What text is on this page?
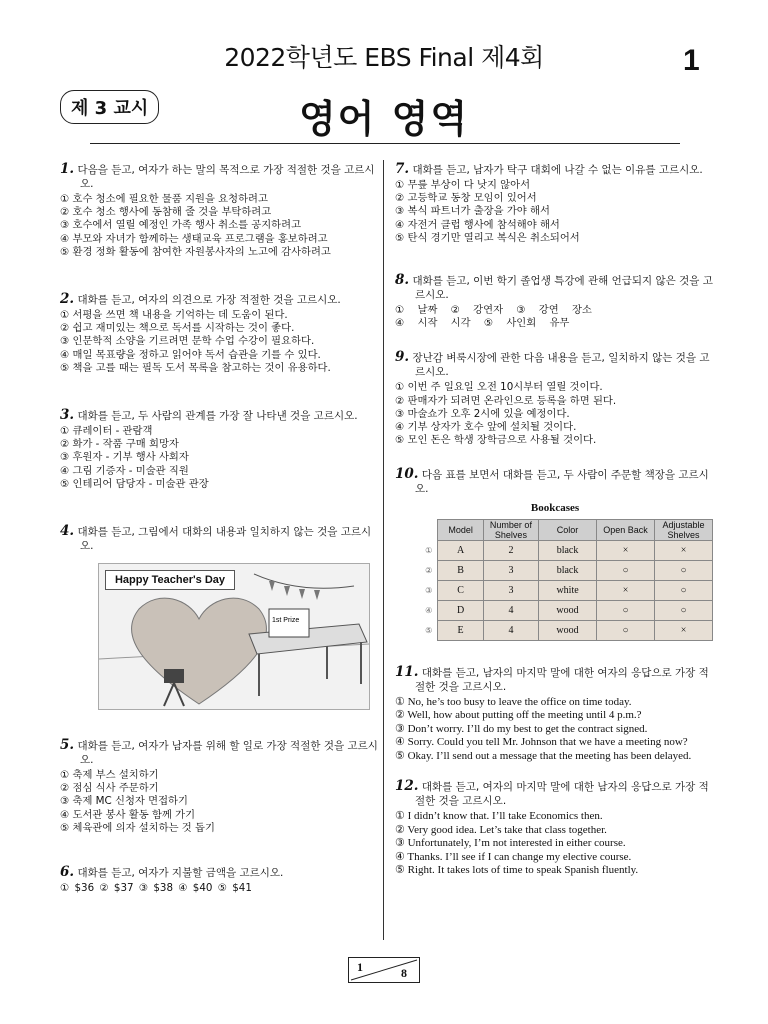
2022학년도 EBS Final 제4회	1
제 3 교시	영어 영역
1. 다음을 듣고, 여자가 하는 말의 목적으로 가장 적절한 것을 고르시오.
① 호수 청소에 필요한 물품 지원을 요청하려고
② 호수 청소 행사에 동참해 줄 것을 부탁하려고
③ 호수에서 열릴 예정인 가족 행사 취소를 공지하려고
④ 부모와 자녀가 함께하는 생태교육 프로그램을 홍보하려고
⑤ 환경 정화 활동에 참여한 자원봉사자의 노고에 감사하려고
2. 대화를 듣고, 여자의 의견으로 가장 적절한 것을 고르시오.
① 서평을 쓰면 책 내용을 기억하는 데 도움이 된다.
② 쉽고 재미있는 책으로 독서를 시작하는 것이 좋다.
③ 인문학적 소양을 기르려면 문학 수업 수강이 필요하다.
④ 매일 목표량을 정하고 읽어야 독서 습관을 기를 수 있다.
⑤ 책을 고를 때는 필독 도서 목록을 참고하는 것이 유용하다.
3. 대화를 듣고, 두 사람의 관계를 가장 잘 나타낸 것을 고르시오.
① 큐레이터 - 관람객
② 화가 - 작품 구매 희망자
③ 후원자 - 기부 행사 사회자
④ 그림 기증자 - 미술관 직원
⑤ 인테리어 담당자 - 미술관 관장
4. 대화를 듣고, 그림에서 대화의 내용과 일치하지 않는 것을 고르시오.
Happy Teacher's Day
1st Prize
5. 대화를 듣고, 여자가 남자를 위해 할 일로 가장 적절한 것을 고르시오.
① 축제 부스 설치하기
② 점심 식사 주문하기
③ 축제 MC 신청자 면접하기
④ 도서관 봉사 활동 함께 가기
⑤ 체육관에 의자 설치하는 것 돕기
6. 대화를 듣고, 여자가 지불할 금액을 고르시오.
① $36 ② $37 ③ $38 ④ $40 ⑤ $41
7. 대화를 듣고, 남자가 탁구 대회에 나갈 수 없는 이유를 고르시오.
① 무릎 부상이 다 낫지 않아서
② 고등학교 동창 모임이 있어서
③ 복식 파트너가 출장을 가야 해서
④ 자전거 클럽 행사에 참석해야 해서
⑤ 탄식 경기만 열리고 복식은 취소되어서
8. 대화를 듣고, 이번 학기 졸업생 특강에 관해 언급되지 않은 것을 고르시오.
① 날짜 ② 강연자 ③ 강연 장소
④ 시작 시각 ⑤ 사인회 유무
9. 장난감 벼룩시장에 관한 다음 내용을 듣고, 일치하지 않는 것을 고르시오.
① 이번 주 일요일 오전 10시부터 열릴 것이다.
② 판매자가 되려면 온라인으로 등록을 하면 된다.
③ 마술쇼가 오후 2시에 있을 예정이다.
④ 기부 상자가 호수 앞에 설치될 것이다.
⑤ 모인 돈은 학생 장학금으로 사용될 것이다.
10. 다음 표를 보면서 대화를 듣고, 두 사람이 주문할 책장을 고르시오.
Bookcases
	Model	Number of Shelves	Color	Open Back	Adjustable Shelves
①	A	2	black	×	×
②	B	3	black	○	○
③	C	3	white	×	○
④	D	4	wood	○	○
⑤	E	4	wood	○	×
11. 대화를 듣고, 남자의 마지막 말에 대한 여자의 응답으로 가장 적절한 것을 고르시오.
① No, he’s too busy to leave the office on time today.
② Well, how about putting off the meeting until 4 p.m.?
③ Don’t worry. I’ll do my best to get the contract signed.
④ Sorry. Could you tell Mr. Johnson that we have a meeting now?
⑤ Okay. I’ll send out a message that the meeting has been delayed.
12. 대화를 듣고, 여자의 마지막 말에 대한 남자의 응답으로 가장 적절한 것을 고르시오.
① I didn’t know that. I’ll take Economics then.
② Very good idea. Let’s take that class together.
③ Unfortunately, I’m not interested in either course.
④ Thanks. I’ll see if I can change my elective course.
⑤ Right. It takes lots of time to speak Spanish fluently.
1	8
